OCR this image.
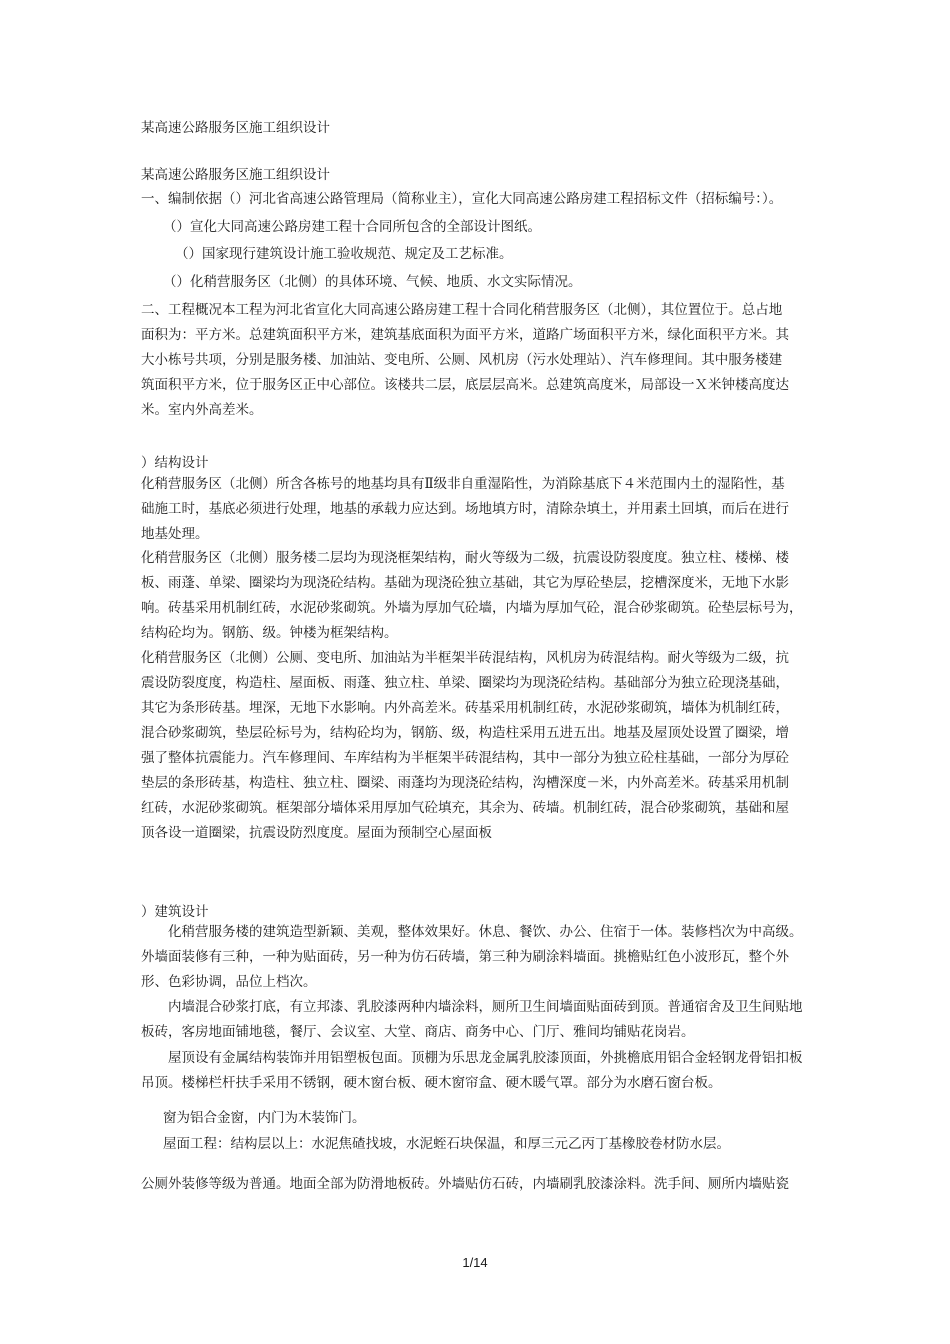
某高速公路服务区施工组织设计
某高速公路服务区施工组织设计
一、编制依据（）河北省高速公路管理局（简称业主），宣化大同高速公路房建工程招标文件（招标编号：）。
（）宣化大同高速公路房建工程十合同所包含的全部设计图纸。
（）国家现行建筑设计施工验收规范、规定及工艺标准。
（）化稍营服务区（北侧）的具体环境、气候、地质、水文实际情况。
二、工程概况本工程为河北省宣化大同高速公路房建工程十合同化稍营服务区（北侧），其位置位于。总占地
面积为：平方米。总建筑面积平方米，建筑基底面积为面平方米，道路广场面积平方米，绿化面积平方米。其
大小栋号共项，分别是服务楼、加油站、变电所、公厕、风机房（污水处理站）、汽车修理间。其中服务楼建
筑面积平方米，位于服务区正中心部位。该楼共二层，底层层高米。总建筑高度米，局部设一Ｘ米钟楼高度达
米。室内外高差米。
）结构设计
化稍营服务区（北侧）所含各栋号的地基均具有Ⅱ级非自重湿陷性，为消除基底下４米范围内土的湿陷性，基
础施工时，基底必须进行处理，地基的承载力应达到。场地填方时，清除杂填土，并用素土回填，而后在进行
地基处理。
化稍营服务区（北侧）服务楼二层均为现浇框架结构，耐火等级为二级，抗震设防裂度度。独立柱、楼梯、楼
板、雨蓬、单梁、圈梁均为现浇砼结构。基础为现浇砼独立基础，其它为厚砼垫层，挖槽深度米，无地下水影
响。砖基采用机制红砖，水泥砂浆砌筑。外墙为厚加气砼墙，内墙为厚加气砼，混合砂浆砌筑。砼垫层标号为，
结构砼均为。钢筋、级。钟楼为框架结构。
化稍营服务区（北侧）公厕、变电所、加油站为半框架半砖混结构，风机房为砖混结构。耐火等级为二级，抗
震设防裂度度，构造柱、屋面板、雨蓬、独立柱、单梁、圈梁均为现浇砼结构。基础部分为独立砼现浇基础，
其它为条形砖基。埋深，无地下水影响。内外高差米。砖基采用机制红砖，水泥砂浆砌筑，墙体为机制红砖，
混合砂浆砌筑，垫层砼标号为，结构砼均为，钢筋、级，构造柱采用五进五出。地基及屋顶处设置了圈梁，增
强了整体抗震能力。汽车修理间、车库结构为半框架半砖混结构，其中一部分为独立砼柱基础，一部分为厚砼
垫层的条形砖基，构造柱、独立柱、圈梁、雨蓬均为现浇砼结构，沟槽深度－米，内外高差米。砖基采用机制
红砖，水泥砂浆砌筑。框架部分墙体采用厚加气砼填充，其余为、砖墙。机制红砖，混合砂浆砌筑，基础和屋
顶各设一道圈梁，抗震设防烈度度。屋面为预制空心屋面板
）建筑设计
化稍营服务楼的建筑造型新颖、美观，整体效果好。休息、餐饮、办公、住宿于一体。装修档次为中高级。
外墙面装修有三种，一种为贴面砖，另一种为仿石砖墙，第三种为刷涂料墙面。挑檐贴红色小波形瓦，整个外
形、色彩协调，品位上档次。
内墙混合砂浆打底，有立邦漆、乳胶漆两种内墙涂料，厕所卫生间墙面贴面砖到顶。普通宿舍及卫生间贴地
板砖，客房地面铺地毯，餐厅、会议室、大堂、商店、商务中心、门厅、雅间均铺贴花岗岩。
屋顶设有金属结构装饰并用铝塑板包面。顶棚为乐思龙金属乳胶漆顶面，外挑檐底用铝合金轻钢龙骨铝扣板
吊顶。楼梯栏杆扶手采用不锈钢，硬木窗台板、硬木窗帘盒、硬木暖气罩。部分为水磨石窗台板。
窗为铝合金窗，内门为木装饰门。
屋面工程：结构层以上：水泥焦碴找坡，水泥蛭石块保温，和厚三元乙丙丁基橡胶卷材防水层。
公厕外装修等级为普通。地面全部为防滑地板砖。外墙贴仿石砖，内墙刷乳胶漆涂料。洗手间、厕所内墙贴瓷
1/14
